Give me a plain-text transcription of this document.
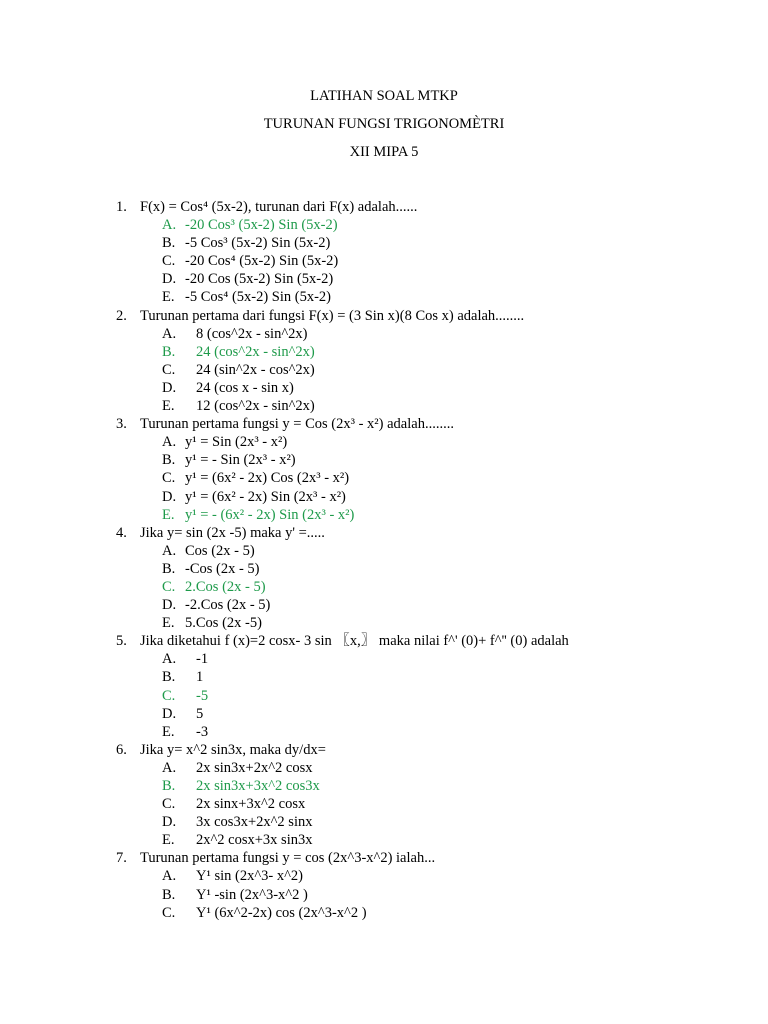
LATIHAN SOAL MTKP
TURUNAN FUNGSI TRIGONOMÈTRI
XII MIPA 5
1. F(x) = Cos⁴ (5x-2), turunan dari F(x) adalah......
A. -20 Cos³ (5x-2) Sin (5x-2)
B. -5 Cos³ (5x-2) Sin (5x-2)
C. -20 Cos⁴ (5x-2) Sin (5x-2)
D. -20 Cos (5x-2) Sin (5x-2)
E. -5 Cos⁴ (5x-2) Sin (5x-2)
2. Turunan pertama dari fungsi F(x) = (3 Sin x)(8 Cos x) adalah........
A. 8 (cos^2x - sin^2x)
B. 24 (cos^2x - sin^2x)
C. 24 (sin^2x - cos^2x)
D. 24 (cos x - sin x)
E. 12 (cos^2x - sin^2x)
3. Turunan pertama fungsi y = Cos (2x³ - x²) adalah........
A. y¹ = Sin (2x³ - x²)
B. y¹ = - Sin (2x³ - x²)
C. y¹ = (6x² - 2x) Cos (2x³ - x²)
D. y¹ = (6x² - 2x) Sin (2x³ - x²)
E. y¹ = - (6x² - 2x) Sin (2x³ - x²)
4. Jika y= sin (2x -5) maka y' =.....
A. Cos (2x - 5)
B. -Cos (2x - 5)
C. 2.Cos (2x - 5)
D. -2.Cos (2x - 5)
E. 5.Cos (2x -5)
5. Jika diketahui f (x)=2 cosx- 3 sin 〖x,〗 maka nilai f^' (0)+ f^'' (0) adalah
A. -1
B. 1
C. -5
D. 5
E. -3
6. Jika y= x^2 sin3x, maka dy/dx=
A. 2x sin3x+2x^2 cosx
B. 2x sin3x+3x^2 cos3x
C. 2x sinx+3x^2 cosx
D. 3x cos3x+2x^2 sinx
E. 2x^2 cosx+3x sin3x
7. Turunan pertama fungsi y = cos (2x^3-x^2) ialah...
A. Y¹ sin (2x^3- x^2)
B. Y¹ -sin (2x^3-x^2 )
C. Y¹ (6x^2-2x) cos (2x^3-x^2 )
